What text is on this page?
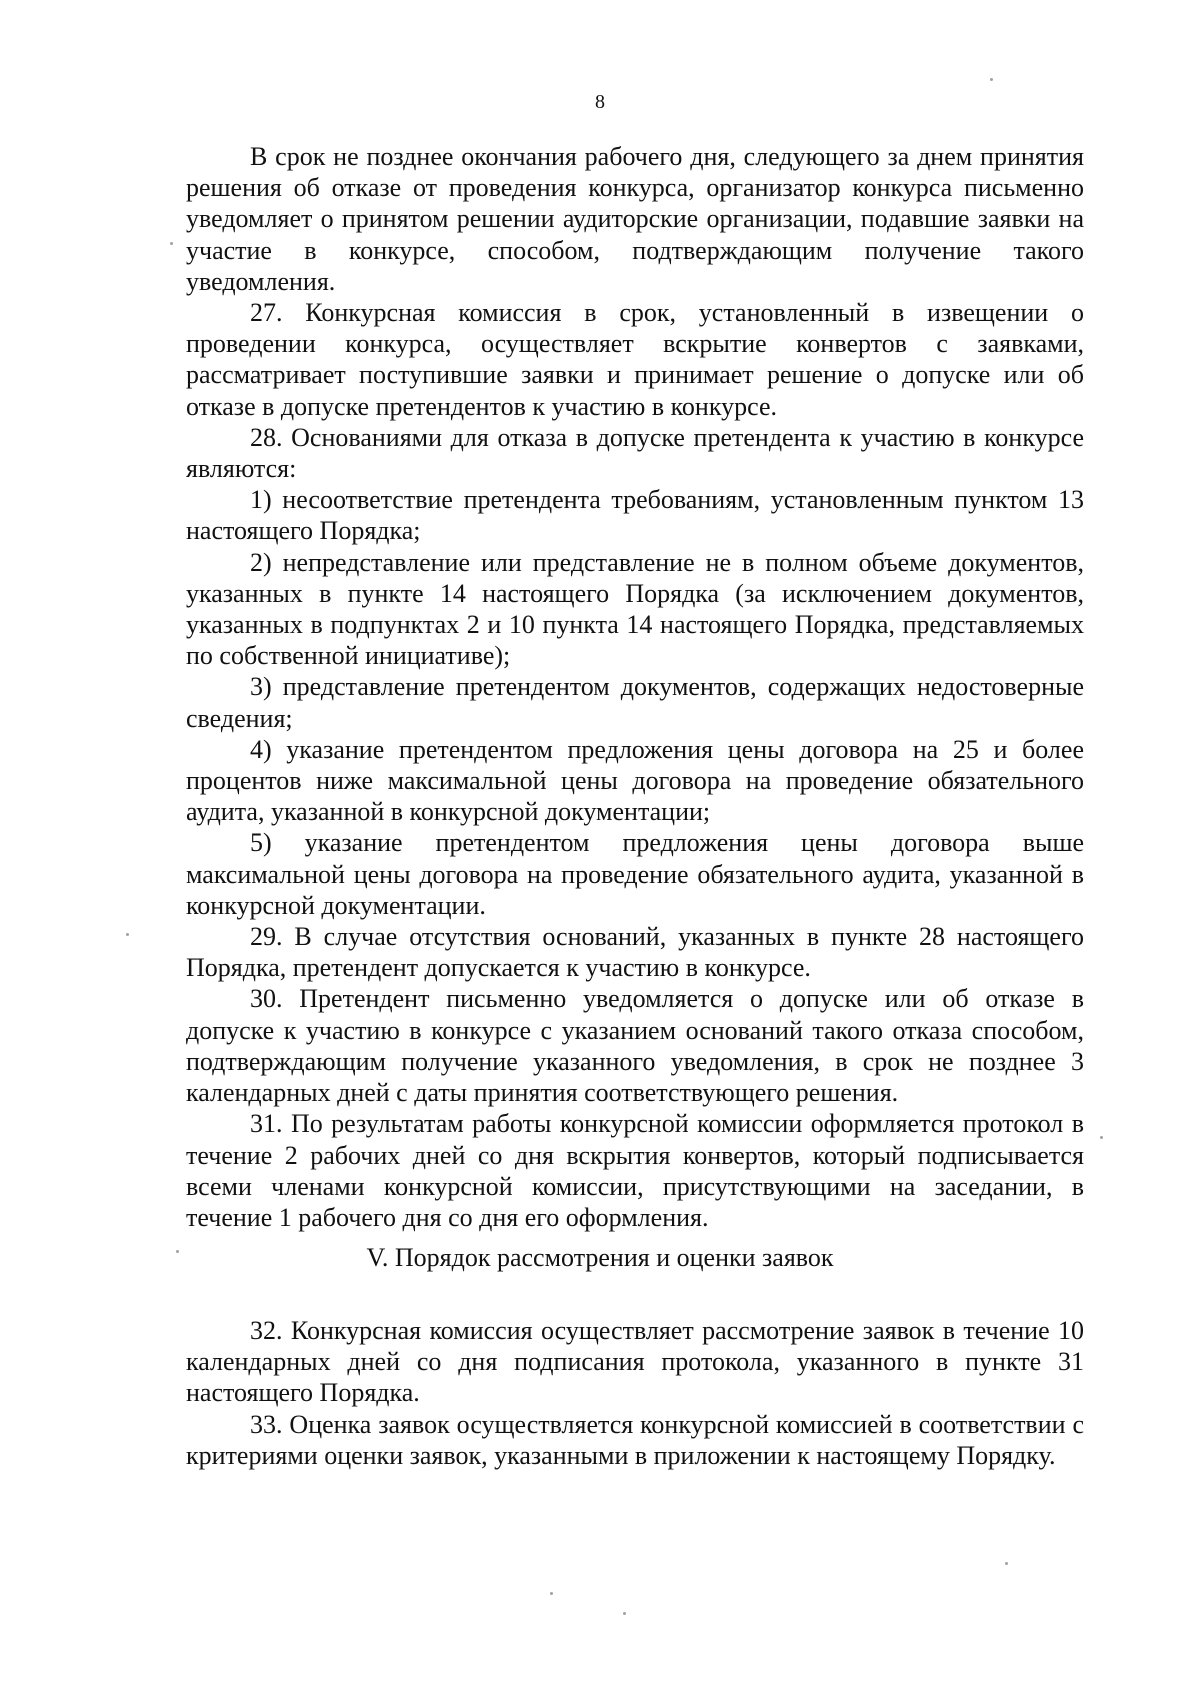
8

В срок не позднее окончания рабочего дня, следующего за днем принятия решения об отказе от проведения конкурса, организатор конкурса письменно уведомляет о принятом решении аудиторские организации, подавшие заявки на участие в конкурсе, способом, подтверждающим получение такого уведомления.

27. Конкурсная комиссия в срок, установленный в извещении о проведении конкурса, осуществляет вскрытие конвертов с заявками, рассматривает поступившие заявки и принимает решение о допуске или об отказе в допуске претендентов к участию в конкурсе.

28. Основаниями для отказа в допуске претендента к участию в конкурсе являются:

1) несоответствие претендента требованиям, установленным пунктом 13 настоящего Порядка;

2) непредставление или представление не в полном объеме документов, указанных в пункте 14 настоящего Порядка (за исключением документов, указанных в подпунктах 2 и 10 пункта 14 настоящего Порядка, представляемых по собственной инициативе);

3) представление претендентом документов, содержащих недостоверные сведения;

4) указание претендентом предложения цены договора на 25 и более процентов ниже максимальной цены договора на проведение обязательного аудита, указанной в конкурсной документации;

5) указание претендентом предложения цены договора выше максимальной цены договора на проведение обязательного аудита, указанной в конкурсной документации.

29. В случае отсутствия оснований, указанных в пункте 28 настоящего Порядка, претендент допускается к участию в конкурсе.

30. Претендент письменно уведомляется о допуске или об отказе в допуске к участию в конкурсе с указанием оснований такого отказа способом, подтверждающим получение указанного уведомления, в срок не позднее 3 календарных дней с даты принятия соответствующего решения.

31. По результатам работы конкурсной комиссии оформляется протокол в течение 2 рабочих дней со дня вскрытия конвертов, который подписывается всеми членами конкурсной комиссии, присутствующими на заседании, в течение 1 рабочего дня со дня его оформления.

V. Порядок рассмотрения и оценки заявок

32. Конкурсная комиссия осуществляет рассмотрение заявок в течение 10 календарных дней со дня подписания протокола, указанного в пункте 31 настоящего Порядка.

33. Оценка заявок осуществляется конкурсной комиссией в соответствии с критериями оценки заявок, указанными в приложении к настоящему Порядку.
